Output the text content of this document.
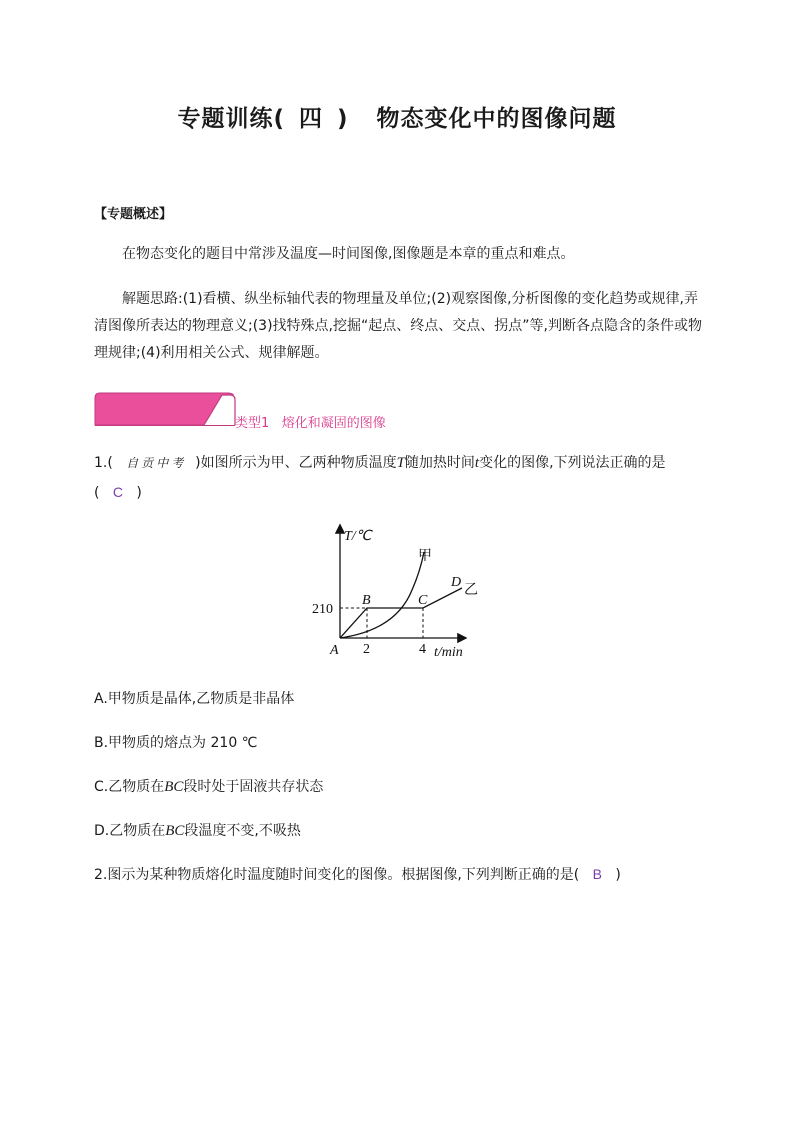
专题训练( 四 ) 物态变化中的图像问题
【专题概述】
在物态变化的题目中常涉及温度—时间图像,图像题是本章的重点和难点。
解题思路:(1)看横、纵坐标轴代表的物理量及单位;(2)观察图像,分析图像的变化趋势或规律,弄清图像所表达的物理意义;(3)找特殊点,挖掘“起点、终点、交点、拐点”等,判断各点隐含的条件或物理规律;(4)利用相关公式、规律解题。
类型1 熔化和凝固的图像
1.( 自贡中考 )如图所示为甲、乙两种物质温度T随加热时间t变化的图像,下列说法正确的是
( C )
T/℃
t/min
210
2	4
A
B	C
D
甲
乙
A.甲物质是晶体,乙物质是非晶体
B.甲物质的熔点为 210 ℃
C.乙物质在BC段时处于固液共存状态
D.乙物质在BC段温度不变,不吸热
2.图示为某种物质熔化时温度随时间变化的图像。根据图像,下列判断正确的是( B )
